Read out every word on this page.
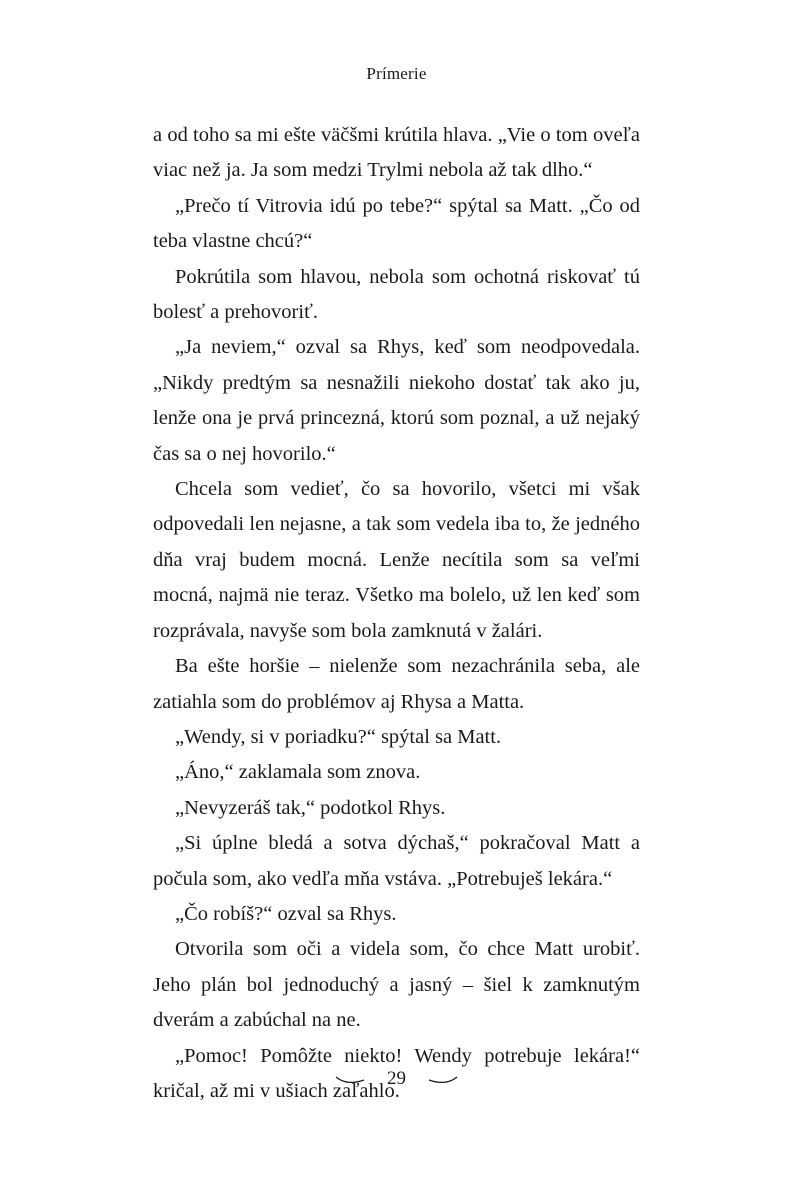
Prímerie

a od toho sa mi ešte väčšmi krútila hlava. „Vie o tom oveľa viac než ja. Ja som medzi Trylmi nebola až tak dlho.“

„Prečo tí Vitrovia idú po tebe?“ spýtal sa Matt. „Čo od teba vlastne chcú?“

Pokrútila som hlavou, nebola som ochotná riskovať tú bolesť a prehovoriť.

„Ja neviem,“ ozval sa Rhys, keď som neodpovedala. „Nikdy predtým sa nesnažili niekoho dostať tak ako ju, lenže ona je prvá princezná, ktorú som poznal, a už nejaký čas sa o nej hovorilo.“

Chcela som vedieť, čo sa hovorilo, všetci mi však odpovedali len nejasne, a tak som vedela iba to, že jedného dňa vraj budem mocná. Lenže necítila som sa veľmi mocná, najmä nie teraz. Všetko ma bolelo, už len keď som rozprávala, navyše som bola zamknutá v žalári.

Ba ešte horšie – nielenže som nezachránila seba, ale zatiahla som do problémov aj Rhysa a Matta.

„Wendy, si v poriadku?“ spýtal sa Matt.

„Áno,“ zaklamala som znova.

„Nevyzeráš tak,“ podotkol Rhys.

„Si úplne bledá a sotva dýchaš,“ pokračoval Matt a počula som, ako vedľa mňa vstáva. „Potrebuješ lekára.“

„Čo robíš?“ ozval sa Rhys.

Otvorila som oči a videla som, čo chce Matt urobiť. Jeho plán bol jednoduchý a jasný – šiel k zamknutým dverám a zabúchal na ne.

„Pomoc! Pomôžte niekto! Wendy potrebuje lekára!“ kričal, až mi v ušiach zaľahlo.

29
